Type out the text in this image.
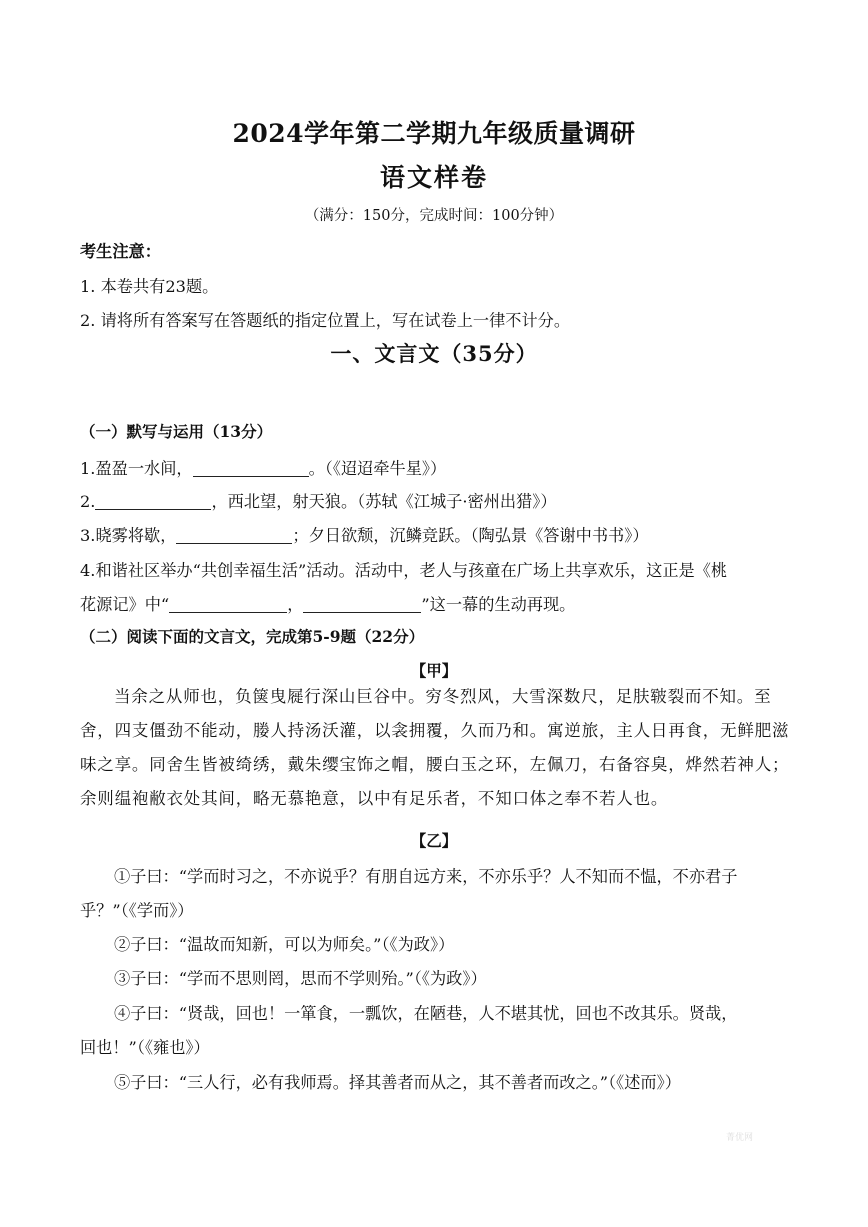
2024学年第二学期九年级质量调研
语文样卷
（满分：150分，完成时间：100分钟）
考生注意：
1. 本卷共有23题。
2. 请将所有答案写在答题纸的指定位置上，写在试卷上一律不计分。
一、文言文（35分）
（一）默写与运用（13分）
1.盈盈一水间，	。（《迢迢牵牛星》）
2.	，西北望，射天狼。（苏轼《江城子·密州出猎》）
3.晓雾将歇，	；夕日欲颓，沉鳞竞跃。（陶弘景《答谢中书书》）
4.和谐社区举办“共创幸福生活”活动。活动中，老人与孩童在广场上共享欢乐，这正是《桃
花源记》中“	，	”这一幕的生动再现。
（二）阅读下面的文言文，完成第5-9题（22分）
【甲】
当余之从师也，负箧曳屣行深山巨谷中。穷冬烈风，大雪深数尺，足肤皲裂而不知。至舍，四支僵劲不能动，媵人持汤沃灌，以衾拥覆，久而乃和。寓逆旅，主人日再食，无鲜肥滋味之享。同舍生皆被绮绣，戴朱缨宝饰之帽，腰白玉之环，左佩刀，右备容臭，烨然若神人；余则缊袍敝衣处其间，略无慕艳意，以中有足乐者，不知口体之奉不若人也。
【乙】
①子曰：“学而时习之，不亦说乎？有朋自远方来，不亦乐乎？人不知而不愠，不亦君子
乎？”（《学而》）
②子曰：“温故而知新，可以为师矣。”（《为政》）
③子曰：“学而不思则罔，思而不学则殆。”（《为政》）
④子曰：“贤哉，回也！一箪食，一瓢饮，在陋巷，人不堪其忧，回也不改其乐。贤哉，
回也！”（《雍也》）
⑤子曰：“三人行，必有我师焉。择其善者而从之，其不善者而改之。”（《述而》）
菁优网
